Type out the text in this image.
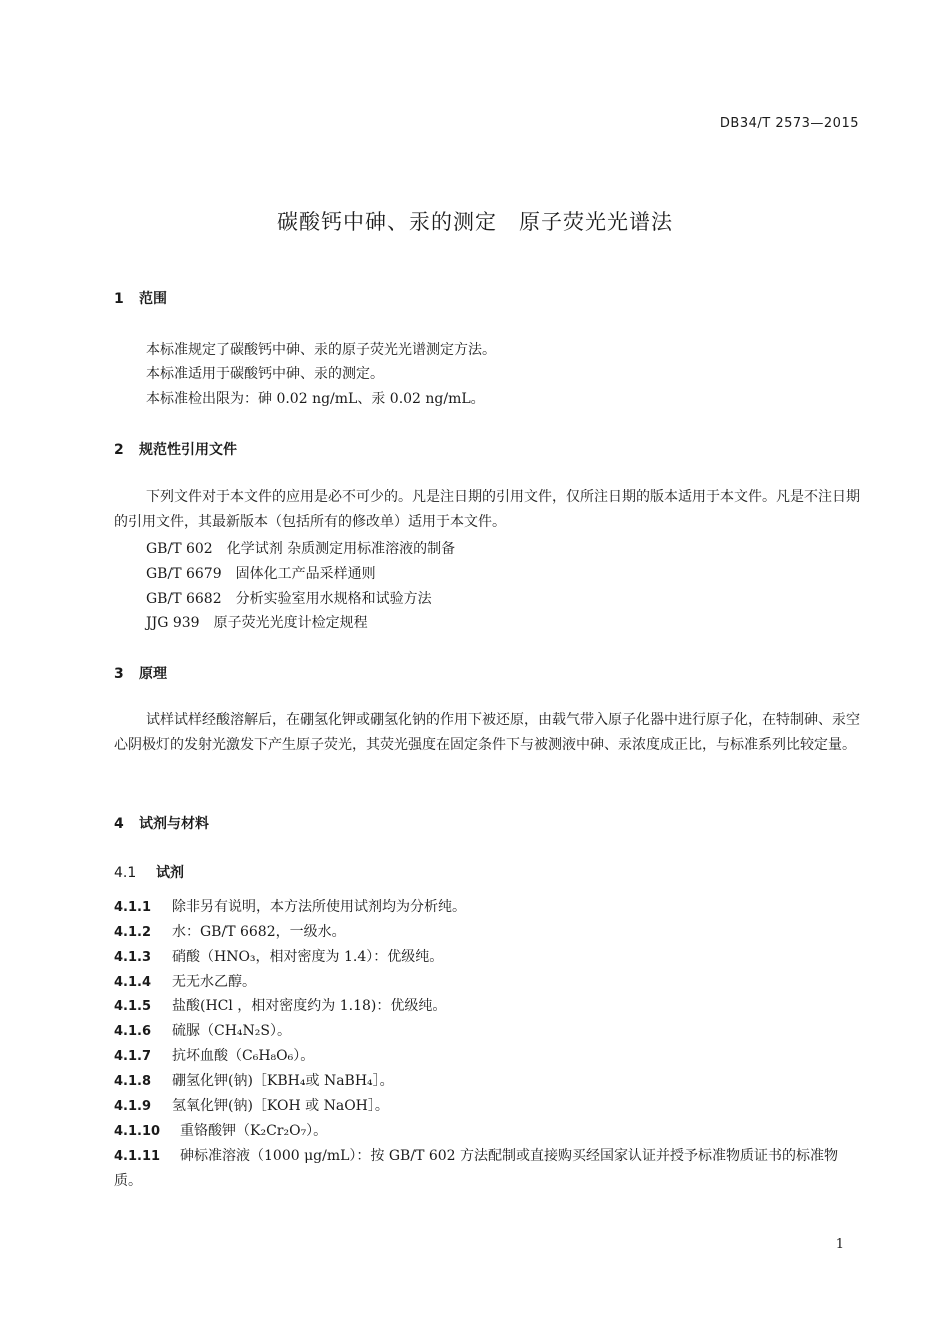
DB34/T 2573—2015
碳酸钙中砷、汞的测定　原子荧光光谱法
1 范围
本标准规定了碳酸钙中砷、汞的原子荧光光谱测定方法。
本标准适用于碳酸钙中砷、汞的测定。
本标准检出限为：砷 0.02 ng/mL、汞 0.02 ng/mL。
2 规范性引用文件
下列文件对于本文件的应用是必不可少的。凡是注日期的引用文件，仅所注日期的版本适用于本文件。凡是不注日期的引用文件，其最新版本（包括所有的修改单）适用于本文件。
GB/T 602　化学试剂 杂质测定用标准溶液的制备
GB/T 6679　固体化工产品采样通则
GB/T 6682　分析实验室用水规格和试验方法
JJG 939　原子荧光光度计检定规程
3 原理
试样试样经酸溶解后，在硼氢化钾或硼氢化钠的作用下被还原，由载气带入原子化器中进行原子化，在特制砷、汞空心阴极灯的发射光激发下产生原子荧光，其荧光强度在固定条件下与被测液中砷、汞浓度成正比，与标准系列比较定量。
4 试剂与材料
4.1 试剂
4.1.1 除非另有说明，本方法所使用试剂均为分析纯。
4.1.2 水：GB/T 6682，一级水。
4.1.3 硝酸（HNO₃，相对密度为 1.4）：优级纯。
4.1.4 无无水乙醇。
4.1.5 盐酸(HCl ，相对密度约为 1.18)：优级纯。
4.1.6 硫脲（CH₄N₂S）。
4.1.7 抗坏血酸（C₆H₈O₆）。
4.1.8 硼氢化钾(钠)［KBH₄或 NaBH₄］。
4.1.9 氢氧化钾(钠)［KOH 或 NaOH］。
4.1.10 重铬酸钾（K₂Cr₂O₇）。
4.1.11 砷标准溶液（1000 μg/mL）：按 GB/T 602 方法配制或直接购买经国家认证并授予标准物质证书的标准物质。
1
